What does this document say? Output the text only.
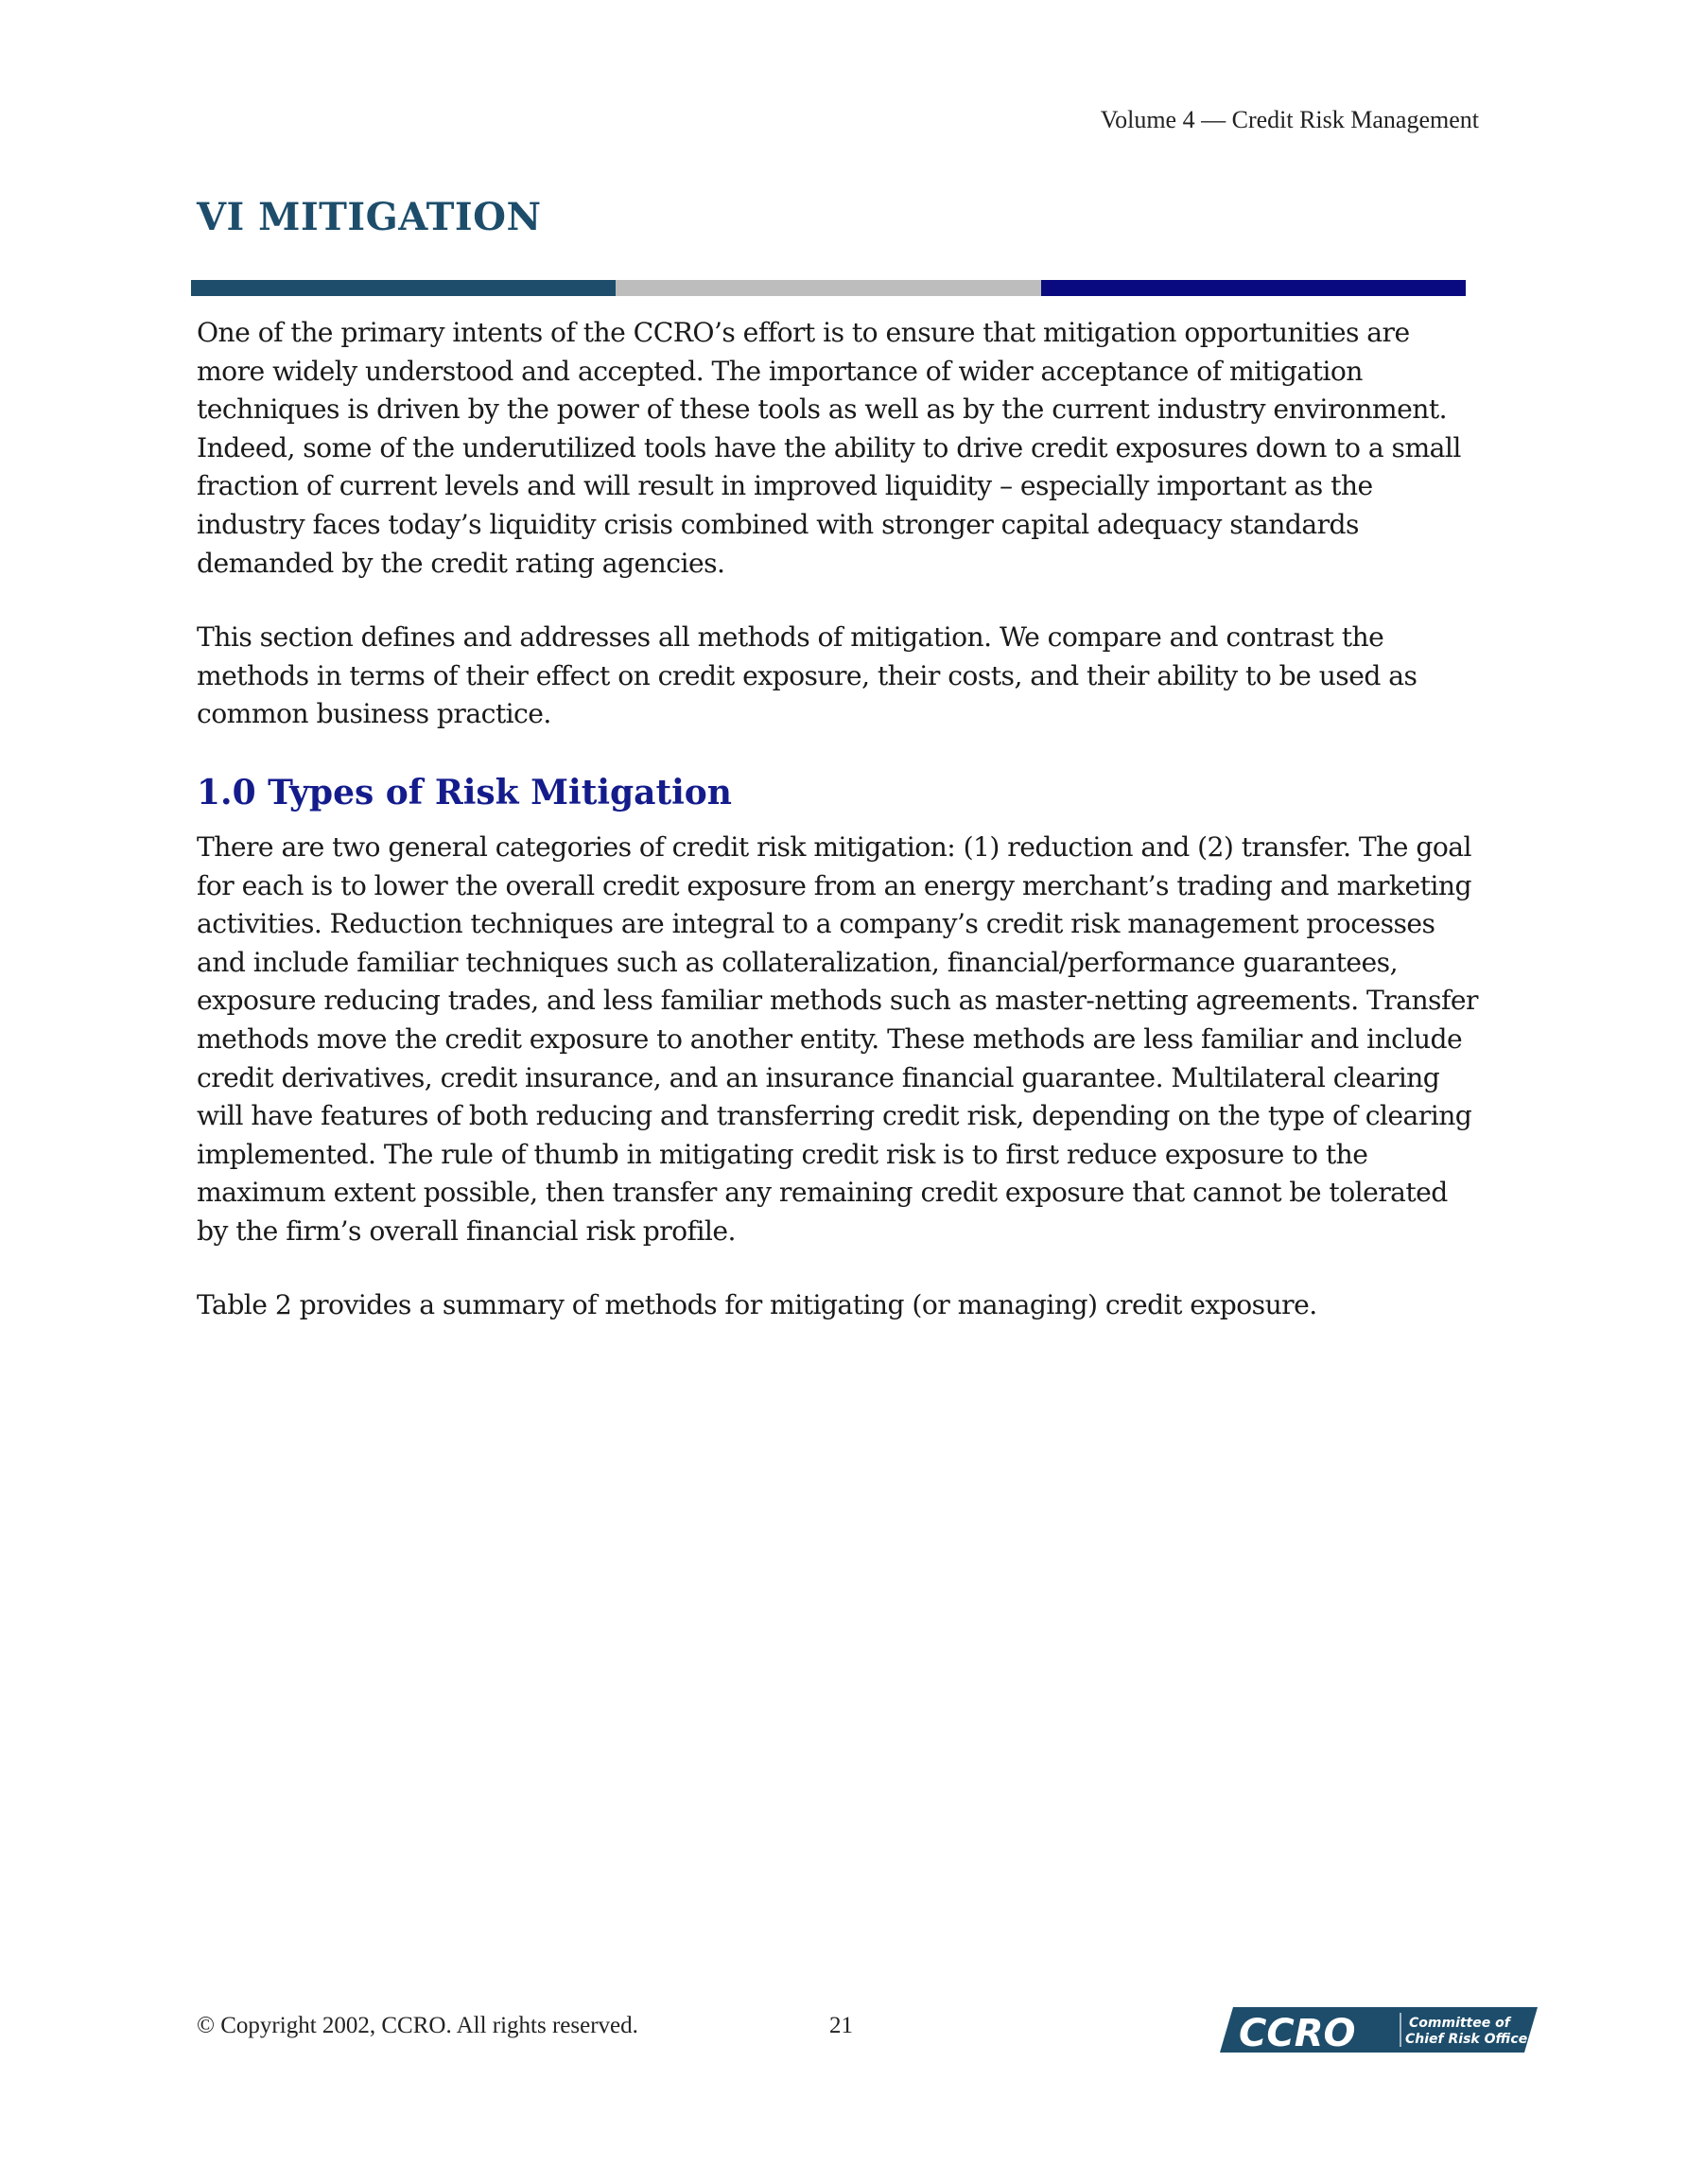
Volume 4 — Credit Risk Management
VI MITIGATION

One of the primary intents of the CCRO’s effort is to ensure that mitigation opportunities are more widely understood and accepted. The importance of wider acceptance of mitigation techniques is driven by the power of these tools as well as by the current industry environment. Indeed, some of the underutilized tools have the ability to drive credit exposures down to a small fraction of current levels and will result in improved liquidity – especially important as the industry faces today’s liquidity crisis combined with stronger capital adequacy standards demanded by the credit rating agencies.

This section defines and addresses all methods of mitigation. We compare and contrast the methods in terms of their effect on credit exposure, their costs, and their ability to be used as common business practice.

1.0 Types of Risk Mitigation

There are two general categories of credit risk mitigation: (1) reduction and (2) transfer. The goal for each is to lower the overall credit exposure from an energy merchant’s trading and marketing activities. Reduction techniques are integral to a company’s credit risk management processes and include familiar techniques such as collateralization, financial/performance guarantees, exposure reducing trades, and less familiar methods such as master-netting agreements. Transfer methods move the credit exposure to another entity. These methods are less familiar and include credit derivatives, credit insurance, and an insurance financial guarantee. Multilateral clearing will have features of both reducing and transferring credit risk, depending on the type of clearing implemented. The rule of thumb in mitigating credit risk is to first reduce exposure to the maximum extent possible, then transfer any remaining credit exposure that cannot be tolerated by the firm’s overall financial risk profile.

Table 2 provides a summary of methods for mitigating (or managing) credit exposure.

© Copyright 2002, CCRO. All rights reserved.	21	CCRO	Committee of
Chief Risk Officers
